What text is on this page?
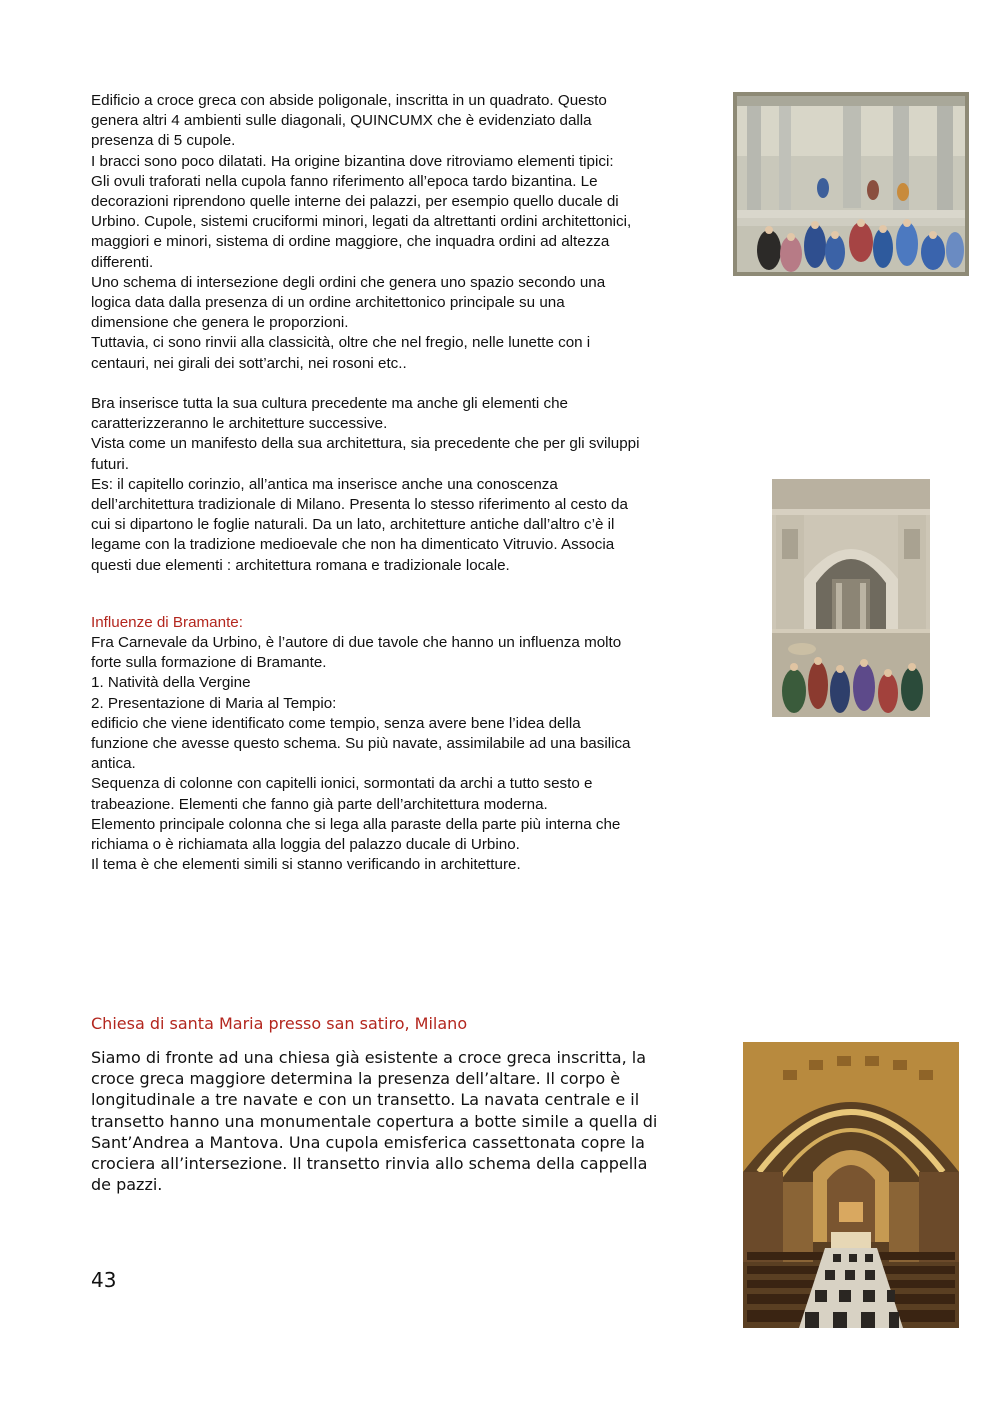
Edificio a croce greca con abside poligonale, inscritta in un quadrato. Questo
genera altri 4 ambienti sulle diagonali, QUINCUMX che è evidenziato dalla
presenza di 5 cupole.
I bracci sono poco dilatati. Ha origine bizantina dove ritroviamo elementi tipici:
Gli ovuli traforati nella cupola fanno riferimento all’epoca tardo bizantina. Le
decorazioni riprendono quelle interne dei palazzi, per esempio quello ducale di
Urbino. Cupole, sistemi cruciformi minori, legati da altrettanti ordini architettonici,
maggiori e minori, sistema di ordine maggiore, che inquadra ordini ad altezza
differenti.
Uno schema di intersezione degli ordini che genera uno spazio secondo una
logica data dalla presenza di un ordine architettonico principale su una
dimensione che genera le proporzioni.
Tuttavia, ci sono rinvii alla classicità, oltre che nel fregio, nelle lunette con i
centauri, nei girali dei sott’archi, nei rosoni etc..

Bra inserisce tutta la sua cultura precedente ma anche gli elementi che
caratterizzeranno le architetture successive.
Vista come un manifesto della sua architettura, sia precedente che per gli sviluppi
futuri.
Es: il capitello corinzio, all’antica ma inserisce anche una conoscenza
dell’architettura tradizionale di Milano. Presenta lo stesso riferimento al cesto da
cui si dipartono le foglie naturali. Da un lato, architetture antiche dall’altro c’è il
legame con la tradizione medioevale che non ha dimenticato Vitruvio. Associa
questi due elementi : architettura romana e tradizionale locale.

Influenze di Bramante:

Fra Carnevale da Urbino, è l’autore di due tavole che hanno un influenza molto
forte sulla formazione di Bramante.
1. Natività della Vergine
2. Presentazione di Maria al Tempio:
edificio che viene identificato come tempio, senza avere bene l’idea della
funzione che avesse questo schema. Su più navate, assimilabile ad una basilica
antica.
Sequenza di colonne con capitelli ionici, sormontati da archi a tutto sesto e
trabeazione. Elementi che fanno già parte dell’architettura moderna.
Elemento principale colonna che si lega alla paraste della parte più interna che
richiama o è richiamata alla loggia del palazzo ducale di Urbino.
Il tema è che elementi simili si stanno verificando in architetture.

Chiesa di santa Maria presso san satiro, Milano
Siamo di fronte ad una chiesa già esistente a croce greca inscritta, la
croce greca maggiore determina la presenza dell’altare. Il corpo è
longitudinale a tre navate e con un transetto. La navata centrale e il
transetto hanno una monumentale copertura a botte simile a quella di
Sant’Andrea a Mantova. Una cupola emisferica cassettonata copre la
crociera all’intersezione. Il transetto rinvia allo schema della cappella
de pazzi.
43
